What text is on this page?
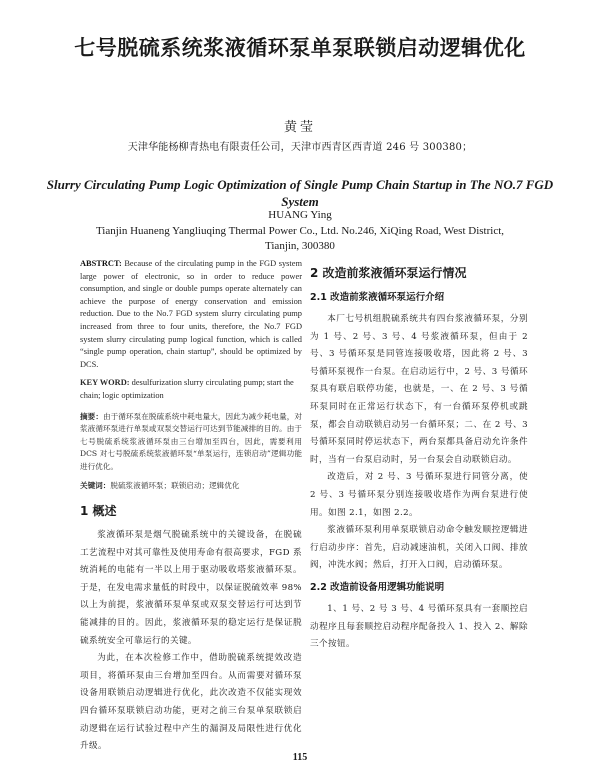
七号脱硫系统浆液循环泵单泵联锁启动逻辑优化
黄莹
天津华能杨柳青热电有限责任公司，天津市西青区西青道 246 号 300380；
Slurry Circulating Pump Logic Optimization of Single Pump Chain Startup in The NO.7 FGD System
HUANG Ying
Tianjin Huaneng Yangliuqing Thermal Power Co., Ltd. No.246, XiQing Road, West District, Tianjin, 300380

ABSTRCT: Because of the circulating pump in the FGD system large power of electronic, so in order to reduce power consumption, and single or double pumps operate alternately can achieve the purpose of energy conservation and emission reduction. Due to the No.7 FGD system slurry circulating pump increased from three to four units, therefore, the No.7 FGD system slurry circulating pump logical function, which is called “single pump operation, chain startup”, should be optimized by DCS.

KEY WORD: desulfurization slurry circulating pump; start the chain; logic optimization

摘要：由于循环泵在脱硫系统中耗电量大，因此为减少耗电量，对浆液循环泵进行单泵或双泵交替运行可达到节能减排的目的。由于七号脱硫系统浆液循环泵由三台增加至四台，因此，需要利用 DCS 对七号脱硫系统浆液循环泵“单泵运行，连锁启动”逻辑功能进行优化。

关键词：脱硫浆液循环泵；联锁启动；逻辑优化

1 概述

浆液循环泵是烟气脱硫系统中的关键设备，在脱硫工艺流程中对其可靠性及使用寿命有很高要求，FGD 系统消耗的电能有一半以上用于驱动吸收塔浆液循环泵。于是，在发电需求量低的时段中，以保证脱硫效率 98%以上为前提，浆液循环泵单泵或双泵交替运行可达到节能减排的目的。因此，浆液循环泵的稳定运行是保证脱硫系统安全可靠运行的关键。

为此，在本次检修工作中，借助脱硫系统提效改造项目，将循环泵由三台增加至四台。从而需要对循环泵设备用联锁启动逻辑进行优化，此次改造不仅能实现效四台循环泵联锁启动功能，更对之前三台泵单泵联锁启动逻辑在运行试验过程中产生的漏洞及局限性进行优化升级。

2 改造前浆液循环泵运行情况
2.1 改造前浆液循环泵运行介绍

本厂七号机组脱硫系统共有四台浆液循环泵，分别为 1 号、2 号、3 号、4 号浆液循环泵，但由于 2 号、3 号循环泵是同管连接吸收塔，因此将 2 号、3 号循环泵视作一台泵。在启动运行中，2 号、3 号循环泵具有联启联停功能，也就是，一、在 2 号、3 号循环泵同时在正常运行状态下，有一台循环泵停机或跳泵，都会自动联锁启动另一台循环泵；二、在 2 号、3 号循环泵同时停运状态下，两台泵都具备启动允许条件时，当有一台泵启动时，另一台泵会自动联锁启动。

改造后，对 2 号、3 号循环泵进行同管分离，使 2 号、3 号循环泵分别连接吸收塔作为两台泵进行使用。如图 2.1，如图 2.2。

浆液循环泵利用单泵联锁启动命令触发顺控逻辑进行启动步序：首先，启动减速油机，关闭入口阀、排放阀，冲洗水阀；然后，打开入口阀，启动循环泵。

2.2 改造前设备用逻辑功能说明

1、1 号、2 号 3 号、4 号循环泵具有一套顺控启动程序且每套顺控启动程序配备投入 1、投入 2、解除三个按钮。

115
